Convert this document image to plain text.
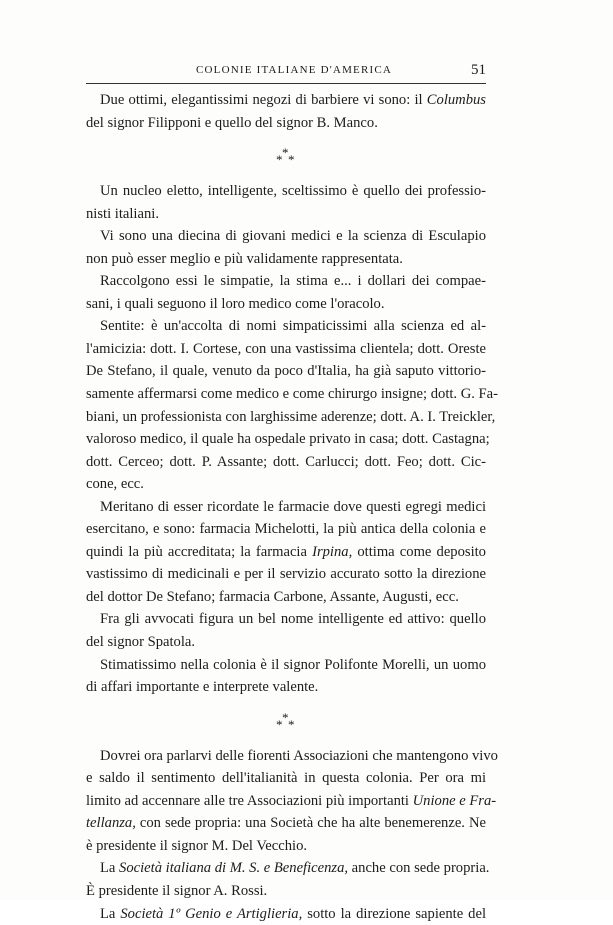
COLONIE ITALIANE D'AMERICA	51
Due ottimi, elegantissimi negozi di barbiere vi sono: il Columbus
del signor Filipponi e quello del signor B. Manco.
*
* *
Un nucleo eletto, intelligente, sceltissimo è quello dei professio-
nisti italiani.
Vi sono una diecina di giovani medici e la scienza di Esculapio
non può esser meglio e più validamente rappresentata.
Raccolgono essi le simpatie, la stima e... i dollari dei compae-
sani, i quali seguono il loro medico come l'oracolo.
Sentite: è un'accolta di nomi simpaticissimi alla scienza ed al-
l'amicizia: dott. I. Cortese, con una vastissima clientela; dott. Oreste
De Stefano, il quale, venuto da poco d'Italia, ha già saputo vittorio-
samente affermarsi come medico e come chirurgo insigne; dott. G. Fa-
biani, un professionista con larghissime aderenze; dott. A. I. Treickler,
valoroso medico, il quale ha ospedale privato in casa; dott. Castagna;
dott. Cerceo; dott. P. Assante; dott. Carlucci; dott. Feo; dott. Cic-
cone, ecc.
Meritano di esser ricordate le farmacie dove questi egregi medici
esercitano, e sono: farmacia Michelotti, la più antica della colonia e
quindi la più accreditata; la farmacia Irpina, ottima come deposito
vastissimo di medicinali e per il servizio accurato sotto la direzione
del dottor De Stefano; farmacia Carbone, Assante, Augusti, ecc.
Fra gli avvocati figura un bel nome intelligente ed attivo: quello
del signor Spatola.
Stimatissimo nella colonia è il signor Polifonte Morelli, un uomo
di affari importante e interprete valente.
*
* *
Dovrei ora parlarvi delle fiorenti Associazioni che mantengono vivo
e saldo il sentimento dell'italianità in questa colonia. Per ora mi
limito ad accennare alle tre Associazioni più importanti Unione e Fra-
tellanza, con sede propria: una Società che ha alte benemerenze. Ne
è presidente il signor M. Del Vecchio.
La Società italiana di M. S. e Beneficenza, anche con sede propria.
È presidente il signor A. Rossi.
La Società 1º Genio e Artiglieria, sotto la direzione sapiente del
